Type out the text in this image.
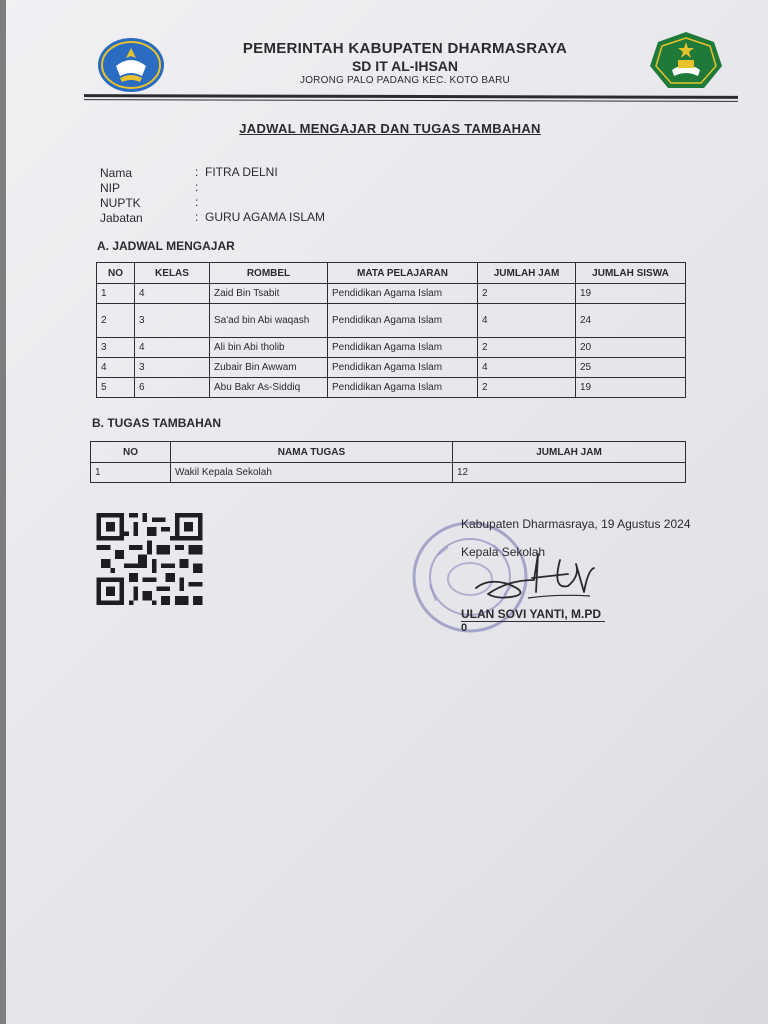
PEMERINTAH KABUPATEN DHARMASRAYA
SD IT AL-IHSAN
JORONG PALO PADANG KEC. KOTO BARU
JADWAL MENGAJAR DAN TUGAS TAMBAHAN
Nama	: FITRA DELNI
NIP	:
NUPTK	:
Jabatan	: GURU AGAMA ISLAM
A. JADWAL MENGAJAR
NO	KELAS	ROMBEL	MATA PELAJARAN	JUMLAH JAM	JUMLAH SISWA
1	4	Zaid Bin Tsabit	Pendidikan Agama Islam	2	19
2	3	Sa'ad bin Abi waqash	Pendidikan Agama Islam	4	24
3	4	Ali bin Abi tholib	Pendidikan Agama Islam	2	20
4	3	Zubair Bin Awwam	Pendidikan Agama Islam	4	25
5	6	Abu Bakr As-Siddiq	Pendidikan Agama Islam	2	19
B. TUGAS TAMBAHAN
NO	NAMA TUGAS	JUMLAH JAM
1	Wakil Kepala Sekolah	12
Kabupaten Dharmasraya, 19 Agustus 2024
Kepala Sekolah
ULAN SOVI YANTI, M.PD
0
